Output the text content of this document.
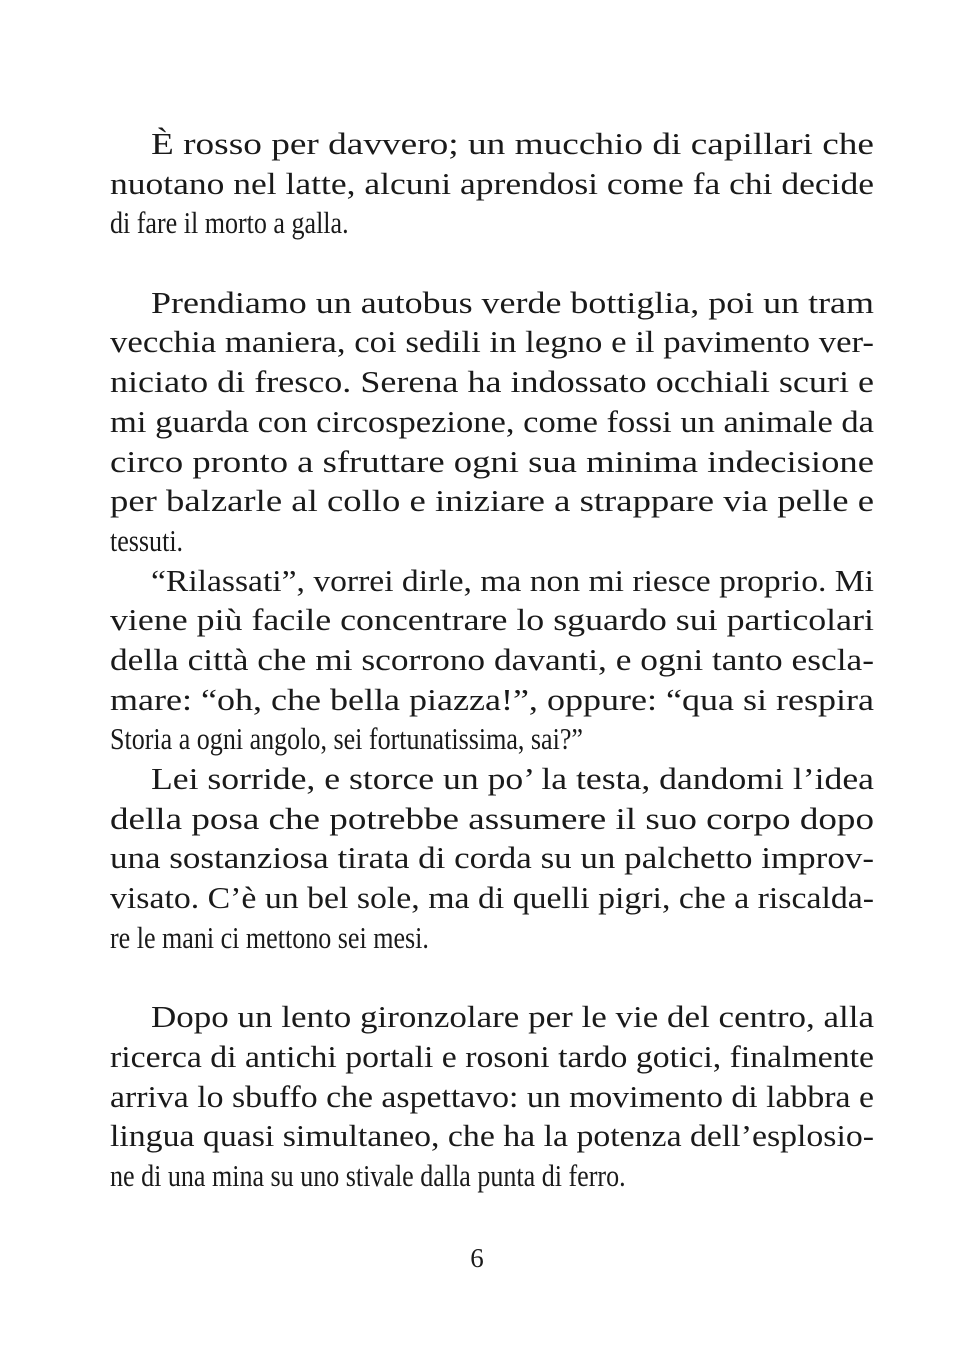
È rosso per davvero; un mucchio di capillari che
nuotano nel latte, alcuni aprendosi come fa chi decide
di fare il morto a galla.
Prendiamo un autobus verde bottiglia, poi un tram
vecchia maniera, coi sedili in legno e il pavimento ver-
niciato di fresco. Serena ha indossato occhiali scuri e
mi guarda con circospezione, come fossi un animale da
circo pronto a sfruttare ogni sua minima indecisione
per balzarle al collo e iniziare a strappare via pelle e
tessuti.
“Rilassati”, vorrei dirle, ma non mi riesce proprio. Mi
viene più facile concentrare lo sguardo sui particolari
della città che mi scorrono davanti, e ogni tanto escla-
mare: “oh, che bella piazza!”, oppure: “qua si respira
Storia a ogni angolo, sei fortunatissima, sai?”
Lei sorride, e storce un po’ la testa, dandomi l’idea
della posa che potrebbe assumere il suo corpo dopo
una sostanziosa tirata di corda su un palchetto improv-
visato. C’è un bel sole, ma di quelli pigri, che a riscalda-
re le mani ci mettono sei mesi.
Dopo un lento gironzolare per le vie del centro, alla
ricerca di antichi portali e rosoni tardo gotici, finalmente
arriva lo sbuffo che aspettavo: un movimento di labbra e
lingua quasi simultaneo, che ha la potenza dell’esplosio-
ne di una mina su uno stivale dalla punta di ferro.
6
